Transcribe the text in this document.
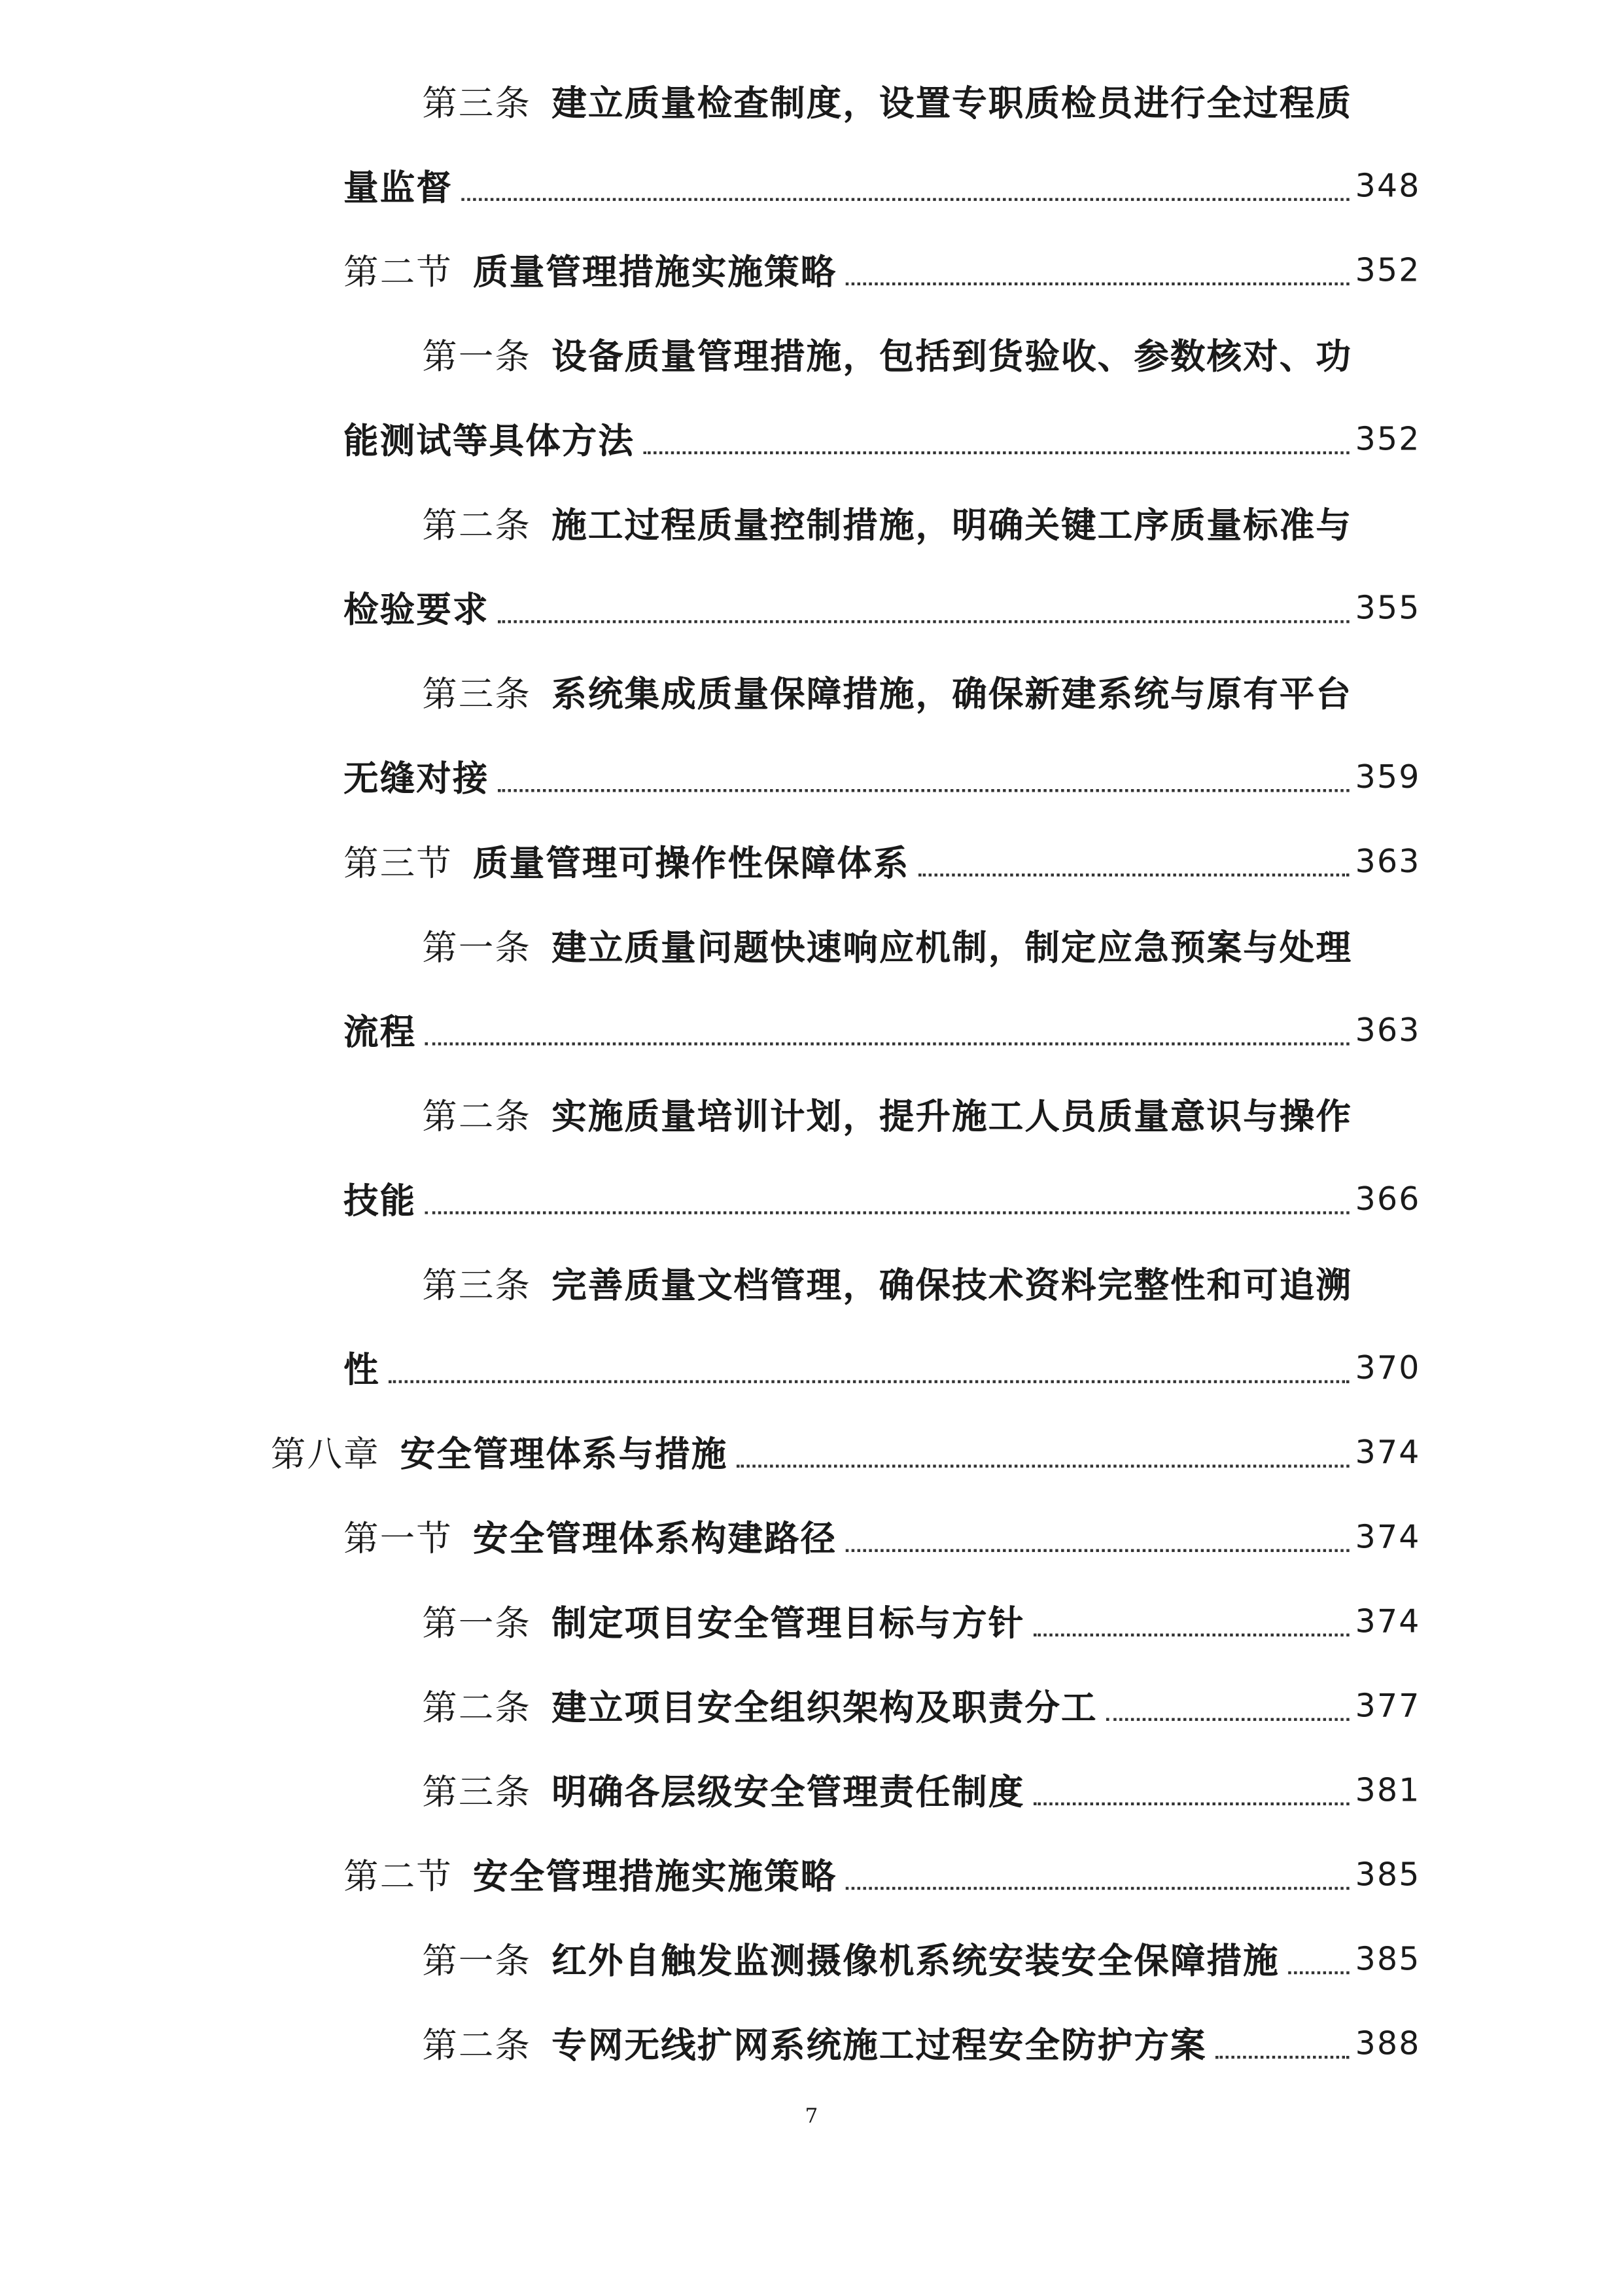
第三条 建立质量检查制度，设置专职质检员进行全过程质
量监督	348
第二节 质量管理措施实施策略	352
第一条 设备质量管理措施，包括到货验收、参数核对、功
能测试等具体方法	352
第二条 施工过程质量控制措施，明确关键工序质量标准与
检验要求	355
第三条 系统集成质量保障措施，确保新建系统与原有平台
无缝对接	359
第三节 质量管理可操作性保障体系	363
第一条 建立质量问题快速响应机制，制定应急预案与处理
流程	363
第二条 实施质量培训计划，提升施工人员质量意识与操作
技能	366
第三条 完善质量文档管理，确保技术资料完整性和可追溯
性	370
第八章 安全管理体系与措施	374
第一节 安全管理体系构建路径	374
第一条 制定项目安全管理目标与方针	374
第二条 建立项目安全组织架构及职责分工	377
第三条 明确各层级安全管理责任制度	381
第二节 安全管理措施实施策略	385
第一条 红外自触发监测摄像机系统安装安全保障措施	385
第二条 专网无线扩网系统施工过程安全防护方案	388
7
